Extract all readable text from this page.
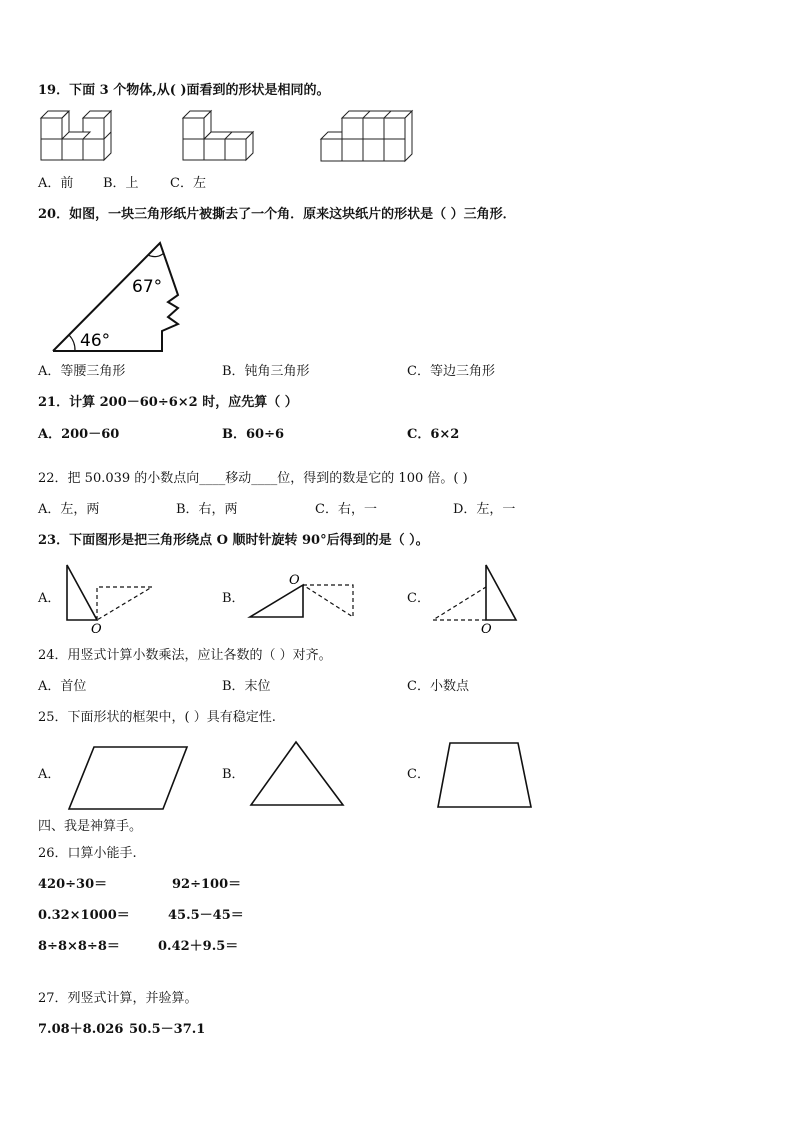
19．下面 3 个物体,从( )面看到的形状是相同的。
A．前 B．上 C．左
20．如图，一块三角形纸片被撕去了一个角．原来这块纸片的形状是（ ）三角形．
67°
46°
A．等腰三角形	B．钝角三角形	C．等边三角形
21．计算 200－60÷6×2 时，应先算（ ）
A．200－60	B．60÷6	C．6×2
22．把 50.039 的小数点向____移动____位，得到的数是它的 100 倍。( )
A．左，两	B．右，两	C．右，一	D．左，一
23．下面图形是把三角形绕点 O 顺时针旋转 90°后得到的是（ ）。
A．
O
B．
O
C．
O
24．用竖式计算小数乘法，应让各数的（ ）对齐。
A．首位	B．末位	C．小数点
25．下面形状的框架中，( ）具有稳定性.
A．	B．	C．
四、我是神算手。
26．口算小能手.
420÷30＝	92÷100＝
0.32×1000＝	45.5－45＝
8÷8×8÷8＝	0.42＋9.5＝
27．列竖式计算，并验算。
7.08＋8.026 50.5－37.1
